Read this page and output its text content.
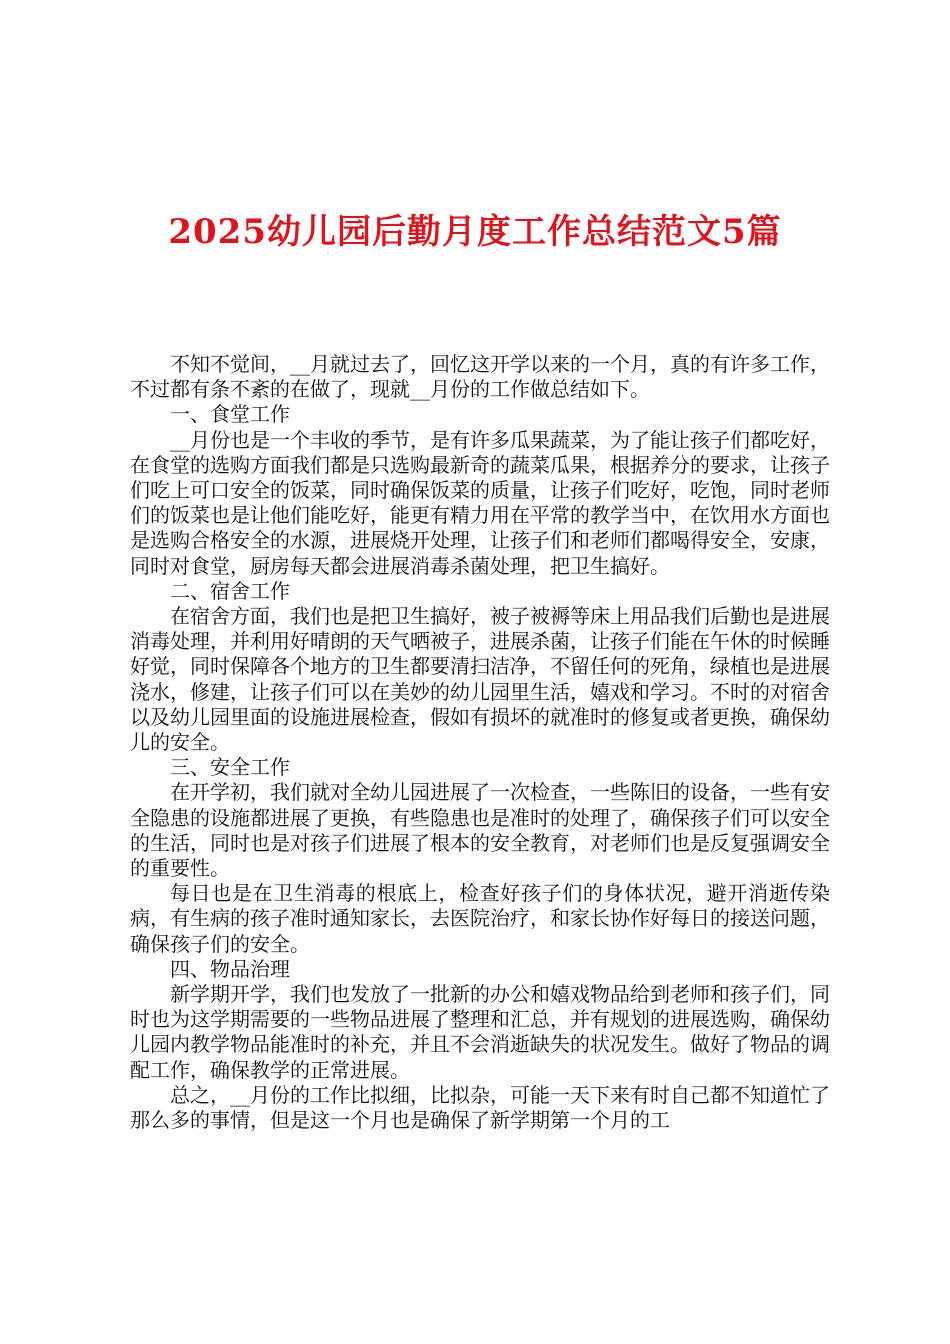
2025幼儿园后勤月度工作总结范文5篇

不知不觉间，__月就过去了，回忆这开学以来的一个月，真的有许多工作，不过都有条不紊的在做了，现就__月份的工作做总结如下。

一、食堂工作

__月份也是一个丰收的季节，是有许多瓜果蔬菜，为了能让孩子们都吃好，在食堂的选购方面我们都是只选购最新奇的蔬菜瓜果，根据养分的要求，让孩子们吃上可口安全的饭菜，同时确保饭菜的质量，让孩子们吃好，吃饱，同时老师们的饭菜也是让他们能吃好，能更有精力用在平常的教学当中，在饮用水方面也是选购合格安全的水源，进展烧开处理，让孩子们和老师们都喝得安全，安康，同时对食堂，厨房每天都会进展消毒杀菌处理，把卫生搞好。

二、宿舍工作

在宿舍方面，我们也是把卫生搞好，被子被褥等床上用品我们后勤也是进展消毒处理，并利用好晴朗的天气晒被子，进展杀菌，让孩子们能在午休的时候睡好觉，同时保障各个地方的卫生都要清扫洁净，不留任何的死角，绿植也是进展浇水，修建，让孩子们可以在美妙的幼儿园里生活，嬉戏和学习。不时的对宿舍以及幼儿园里面的设施进展检查，假如有损坏的就准时的修复或者更换，确保幼儿的安全。

三、安全工作

在开学初，我们就对全幼儿园进展了一次检查，一些陈旧的设备，一些有安全隐患的设施都进展了更换，有些隐患也是准时的处理了，确保孩子们可以安全的生活，同时也是对孩子们进展了根本的安全教育，对老师们也是反复强调安全的重要性。

每日也是在卫生消毒的根底上，检查好孩子们的身体状况，避开消逝传染病，有生病的孩子准时通知家长，去医院治疗，和家长协作好每日的接送问题，确保孩子们的安全。

四、物品治理

新学期开学，我们也发放了一批新的办公和嬉戏物品给到老师和孩子们，同时也为这学期需要的一些物品进展了整理和汇总，并有规划的进展选购，确保幼儿园内教学物品能准时的补充，并且不会消逝缺失的状况发生。做好了物品的调配工作，确保教学的正常进展。

总之，__月份的工作比拟细，比拟杂，可能一天下来有时自己都不知道忙了那么多的事情，但是这一个月也是确保了新学期第一个月的工
